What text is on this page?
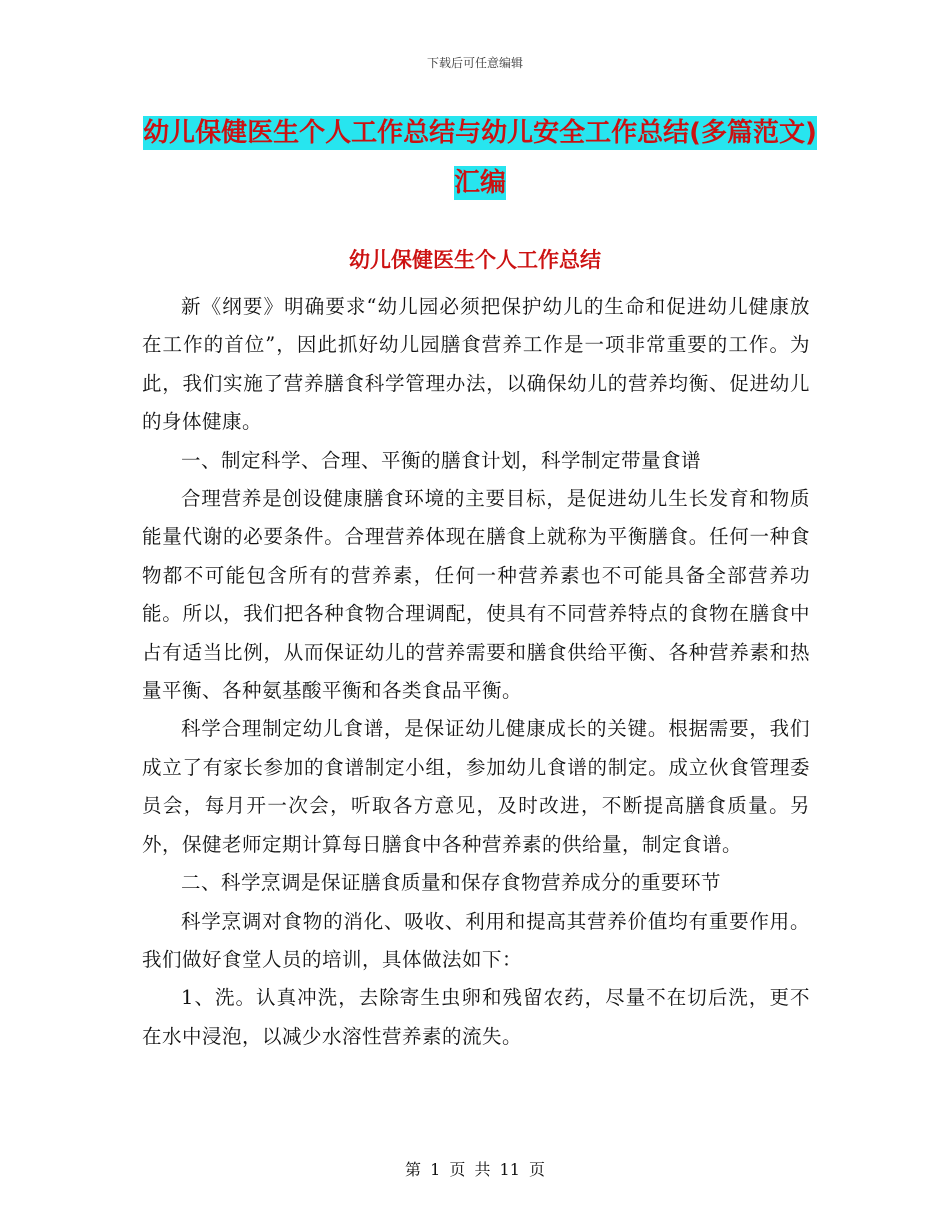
下载后可任意编辑
幼儿保健医生个人工作总结与幼儿安全工作总结(多篇范文)汇编
幼儿保健医生个人工作总结

新《纲要》明确要求“幼儿园必须把保护幼儿的生命和促进幼儿健康放在工作的首位”，因此抓好幼儿园膳食营养工作是一项非常重要的工作。为此，我们实施了营养膳食科学管理办法，以确保幼儿的营养均衡、促进幼儿的身体健康。

一、制定科学、合理、平衡的膳食计划，科学制定带量食谱

合理营养是创设健康膳食环境的主要目标，是促进幼儿生长发育和物质能量代谢的必要条件。合理营养体现在膳食上就称为平衡膳食。任何一种食物都不可能包含所有的营养素，任何一种营养素也不可能具备全部营养功能。所以，我们把各种食物合理调配，使具有不同营养特点的食物在膳食中占有适当比例，从而保证幼儿的营养需要和膳食供给平衡、各种营养素和热量平衡、各种氨基酸平衡和各类食品平衡。

科学合理制定幼儿食谱，是保证幼儿健康成长的关键。根据需要，我们成立了有家长参加的食谱制定小组，参加幼儿食谱的制定。成立伙食管理委员会，每月开一次会，听取各方意见，及时改进，不断提高膳食质量。另外，保健老师定期计算每日膳食中各种营养素的供给量，制定食谱。

二、科学烹调是保证膳食质量和保存食物营养成分的重要环节

科学烹调对食物的消化、吸收、利用和提高其营养价值均有重要作用。我们做好食堂人员的培训，具体做法如下：

1、洗。认真冲洗，去除寄生虫卵和残留农药，尽量不在切后洗，更不在水中浸泡，以减少水溶性营养素的流失。

第 1 页 共 11 页
